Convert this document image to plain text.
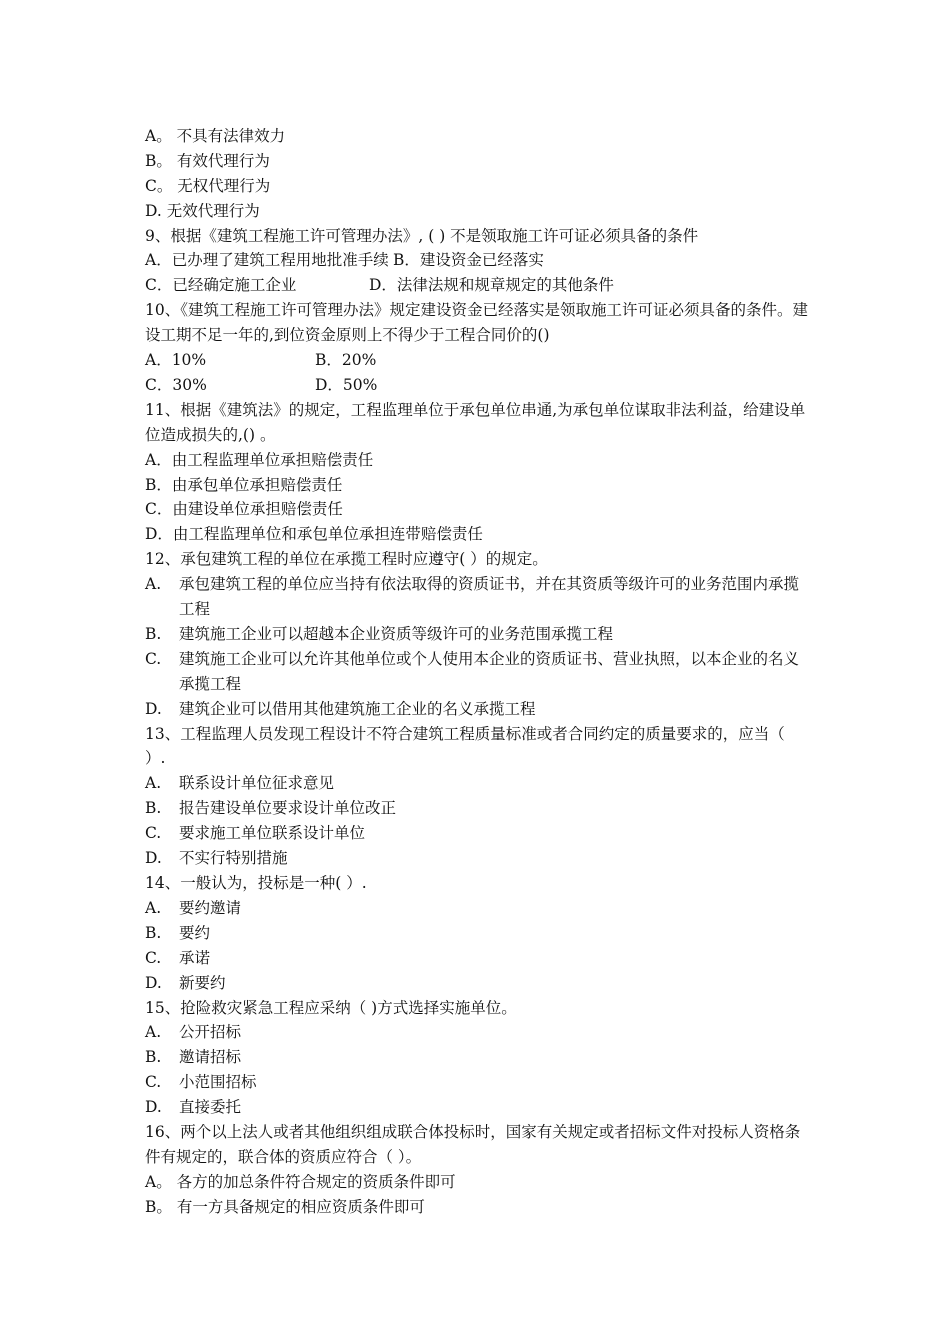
A。 不具有法律效力
B。 有效代理行为
C。 无权代理行为
D. 无效代理行为
9、根据《建筑工程施工许可管理办法》, ( ) 不是领取施工许可证必须具备的条件
A．已办理了建筑工程用地批准手续 B．建设资金已经落实
C．已经确定施工企业	D．法律法规和规章规定的其他条件
10、《建筑工程施工许可管理办法》规定建设资金已经落实是领取施工许可证必须具备的条件。建设工期不足一年的,到位资金原则上不得少于工程合同价的()
A．10%	B．20%
C．30%	D．50%
11、根据《建筑法》的规定，工程监理单位于承包单位串通,为承包单位谋取非法利益，给建设单位造成损失的,() 。
A．由工程监理单位承担赔偿责任
B．由承包单位承担赔偿责任
C．由建设单位承担赔偿责任
D．由工程监理单位和承包单位承担连带赔偿责任
12、承包建筑工程的单位在承揽工程时应遵守( ）的规定。
A.	承包建筑工程的单位应当持有依法取得的资质证书，并在其资质等级许可的业务范围内承揽工程
B.	建筑施工企业可以超越本企业资质等级许可的业务范围承揽工程
C.	建筑施工企业可以允许其他单位或个人使用本企业的资质证书、营业执照，以本企业的名义承揽工程
D.	建筑企业可以借用其他建筑施工企业的名义承揽工程
13、工程监理人员发现工程设计不符合建筑工程质量标准或者合同约定的质量要求的，应当（ ）.
A.	联系设计单位征求意见
B.	报告建设单位要求设计单位改正
C.	要求施工单位联系设计单位
D.	不实行特别措施
14、一般认为，投标是一种( ）.
A.	要约邀请
B.	要约
C.	承诺
D.	新要约
15、抢险救灾紧急工程应采纳（ )方式选择实施单位。
A.	公开招标
B.	邀请招标
C.	小范围招标
D.	直接委托
16、两个以上法人或者其他组织组成联合体投标时，国家有关规定或者招标文件对投标人资格条件有规定的，联合体的资质应符合（ ）。
A。 各方的加总条件符合规定的资质条件即可
B。 有一方具备规定的相应资质条件即可
